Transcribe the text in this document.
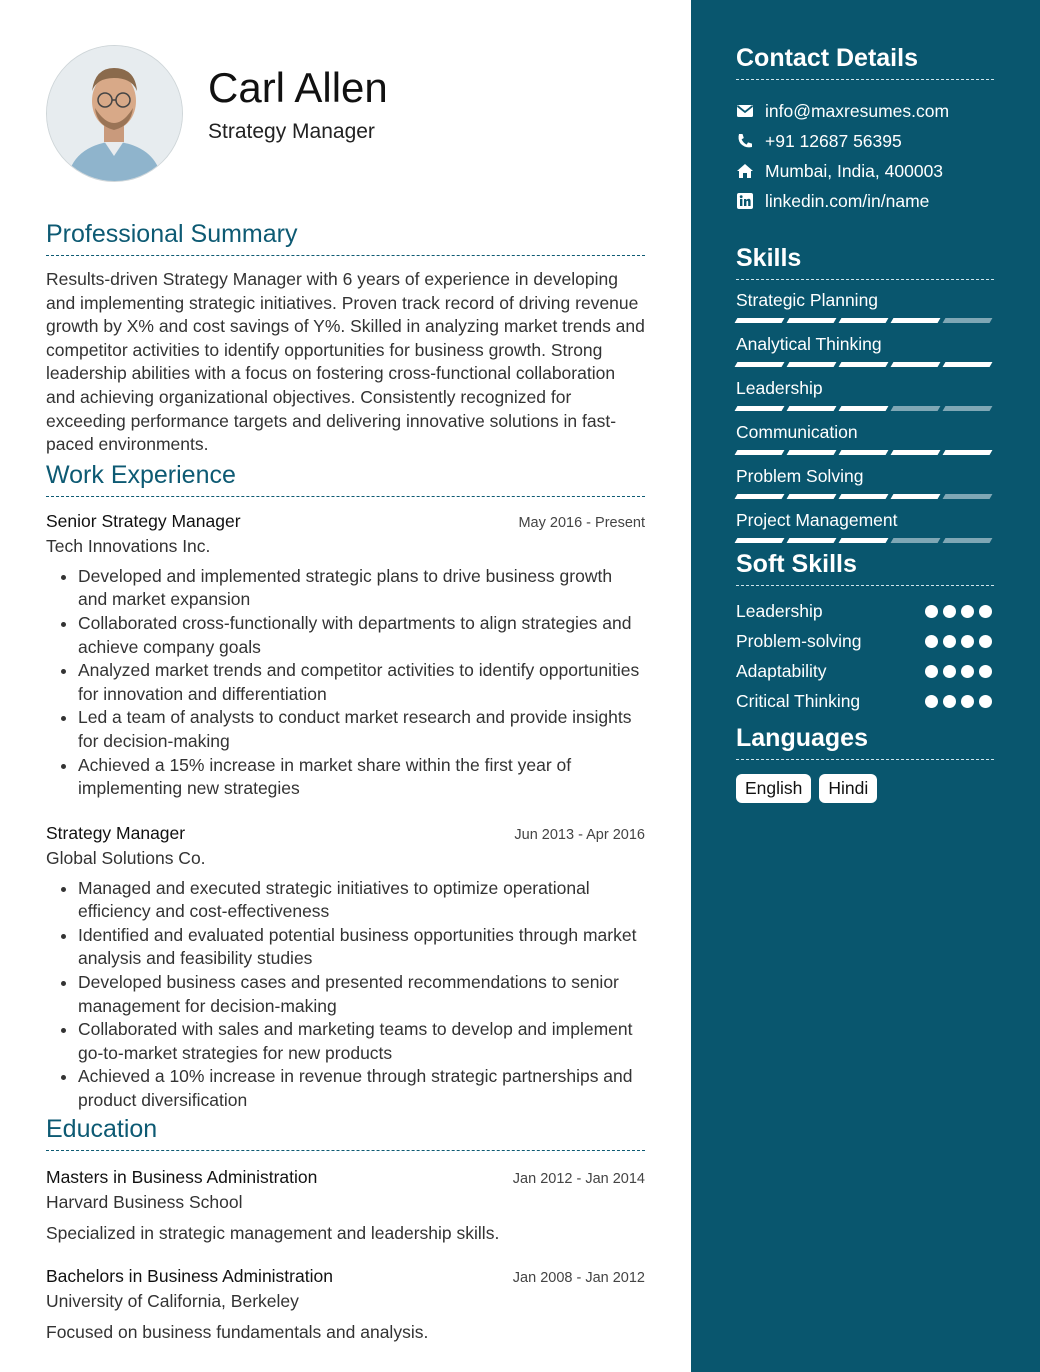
Carl Allen
Strategy Manager
Professional Summary

Results-driven Strategy Manager with 6 years of experience in developing and implementing strategic initiatives. Proven track record of driving revenue growth by X% and cost savings of Y%. Skilled in analyzing market trends and competitor activities to identify opportunities for business growth. Strong leadership abilities with a focus on fostering cross-functional collaboration and achieving organizational objectives. Consistently recognized for exceeding performance targets and delivering innovative solutions in fast-paced environments.

Work Experience
Senior Strategy Manager	May 2016 - Present
Tech Innovations Inc.
• Developed and implemented strategic plans to drive business growth and market expansion
• Collaborated cross-functionally with departments to align strategies and achieve company goals
• Analyzed market trends and competitor activities to identify opportunities for innovation and differentiation
• Led a team of analysts to conduct market research and provide insights for decision-making
• Achieved a 15% increase in market share within the first year of implementing new strategies
Strategy Manager	Jun 2013 - Apr 2016
Global Solutions Co.
• Managed and executed strategic initiatives to optimize operational efficiency and cost-effectiveness
• Identified and evaluated potential business opportunities through market analysis and feasibility studies
• Developed business cases and presented recommendations to senior management for decision-making
• Collaborated with sales and marketing teams to develop and implement go-to-market strategies for new products
• Achieved a 10% increase in revenue through strategic partnerships and product diversification
Education
Masters in Business Administration	Jan 2012 - Jan 2014
Harvard Business School
Specialized in strategic management and leadership skills.
Bachelors in Business Administration	Jan 2008 - Jan 2012
University of California, Berkeley
Focused on business fundamentals and analysis.
Contact Details
info@maxresumes.com
+91 12687 56395
Mumbai, India, 400003
linkedin.com/in/name
Skills
Strategic Planning
Analytical Thinking
Leadership
Communication
Problem Solving
Project Management
Soft Skills
Leadership
Problem-solving
Adaptability
Critical Thinking
Languages
English	Hindi
